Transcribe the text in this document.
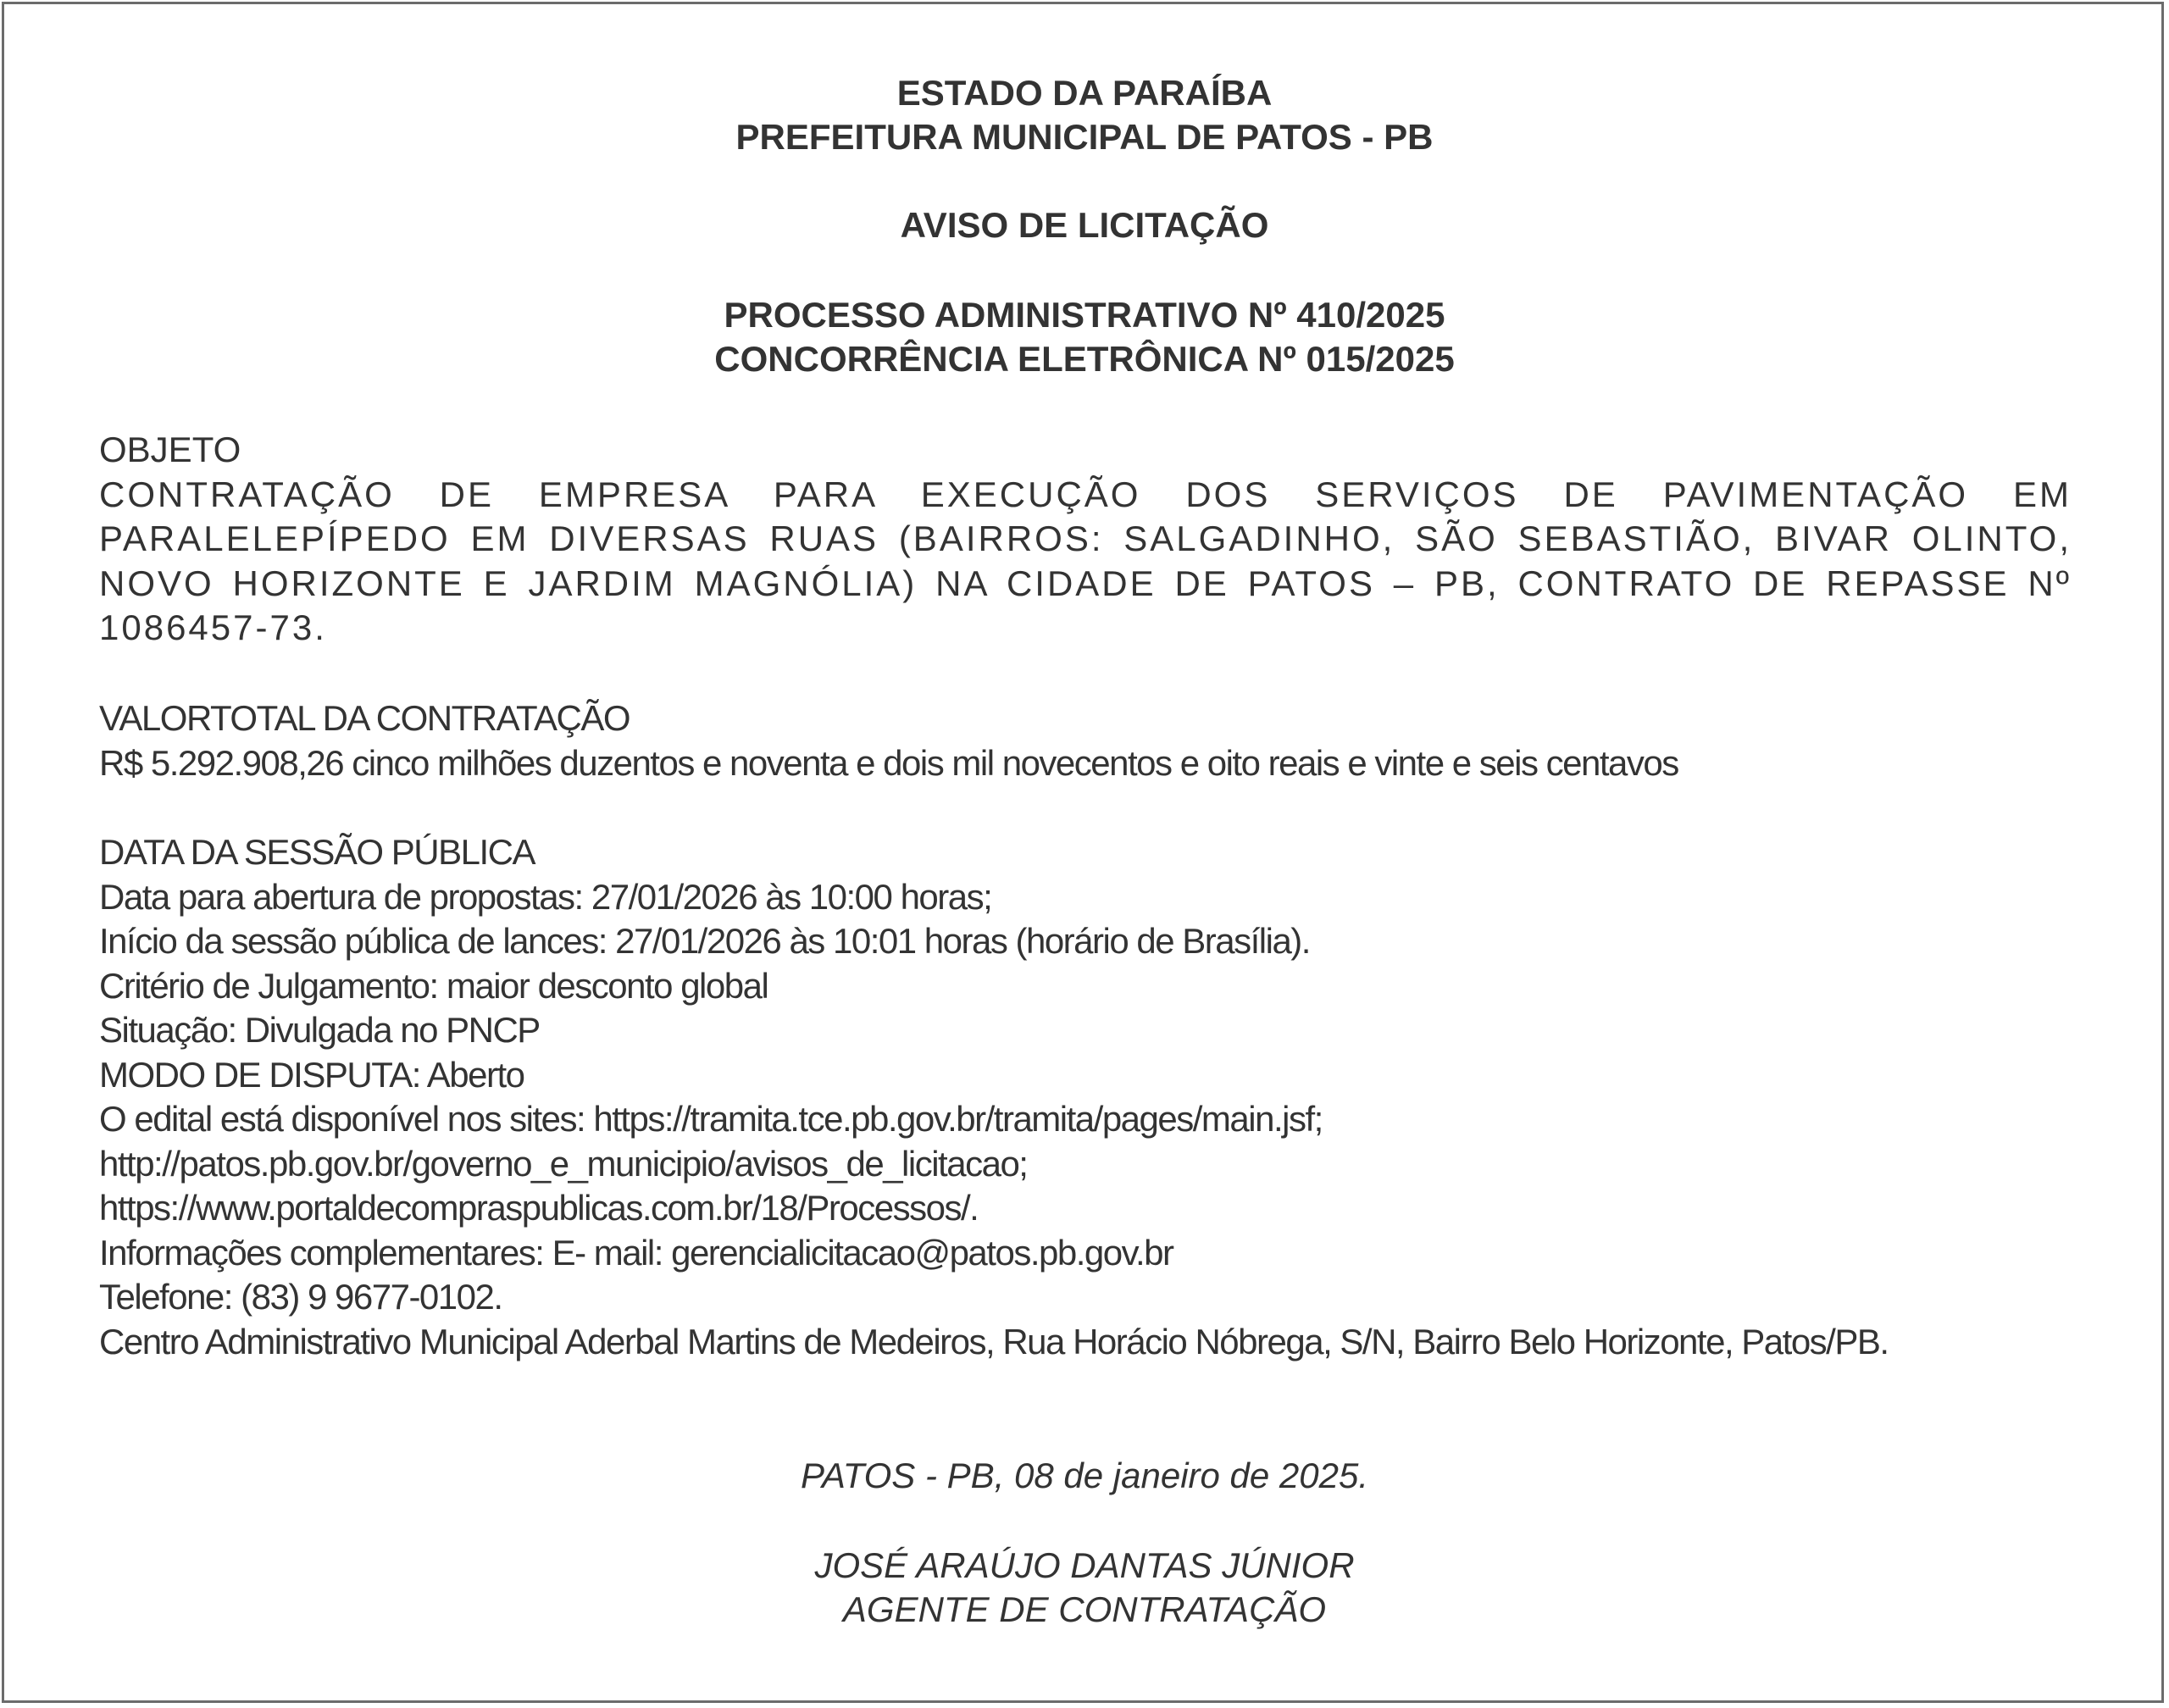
ESTADO DA PARAÍBA
PREFEITURA MUNICIPAL DE PATOS - PB
AVISO DE LICITAÇÃO
PROCESSO ADMINISTRATIVO Nº 410/2025
CONCORRÊNCIA ELETRÔNICA Nº 015/2025
OBJETO
CONTRATAÇÃO DE EMPRESA PARA EXECUÇÃO DOS SERVIÇOS DE PAVIMENTAÇÃO EM PARALELEPÍPEDO EM DIVERSAS RUAS (BAIRROS: SALGADINHO, SÃO SEBASTIÃO, BIVAR OLINTO, NOVO HORIZONTE E JARDIM MAGNÓLIA) NA CIDADE DE PATOS – PB, CONTRATO DE REPASSE Nº 1086457-73.
VALORTOTAL DA CONTRATAÇÃO
R$ 5.292.908,26 cinco milhões duzentos e noventa e dois mil novecentos e oito reais e vinte e seis centavos
DATA DA SESSÃO PÚBLICA
Data para abertura de propostas: 27/01/2026 às 10:00 horas;
Início da sessão pública de lances: 27/01/2026 às 10:01 horas (horário de Brasília).
Critério de Julgamento: maior desconto global
Situação: Divulgada no PNCP
MODO DE DISPUTA: Aberto
O edital está disponível nos sites: https://tramita.tce.pb.gov.br/tramita/pages/main.jsf;
http://patos.pb.gov.br/governo_e_municipio/avisos_de_licitacao;
https://www.portaldecompraspublicas.com.br/18/Processos/.
Informações complementares: E- mail: gerencialicitacao@patos.pb.gov.br
Telefone: (83) 9 9677-0102.
Centro Administrativo Municipal Aderbal Martins de Medeiros, Rua Horácio Nóbrega, S/N, Bairro Belo Horizonte, Patos/PB.
PATOS - PB, 08 de janeiro de 2025.
JOSÉ ARAÚJO DANTAS JÚNIOR
AGENTE DE CONTRATAÇÃO
